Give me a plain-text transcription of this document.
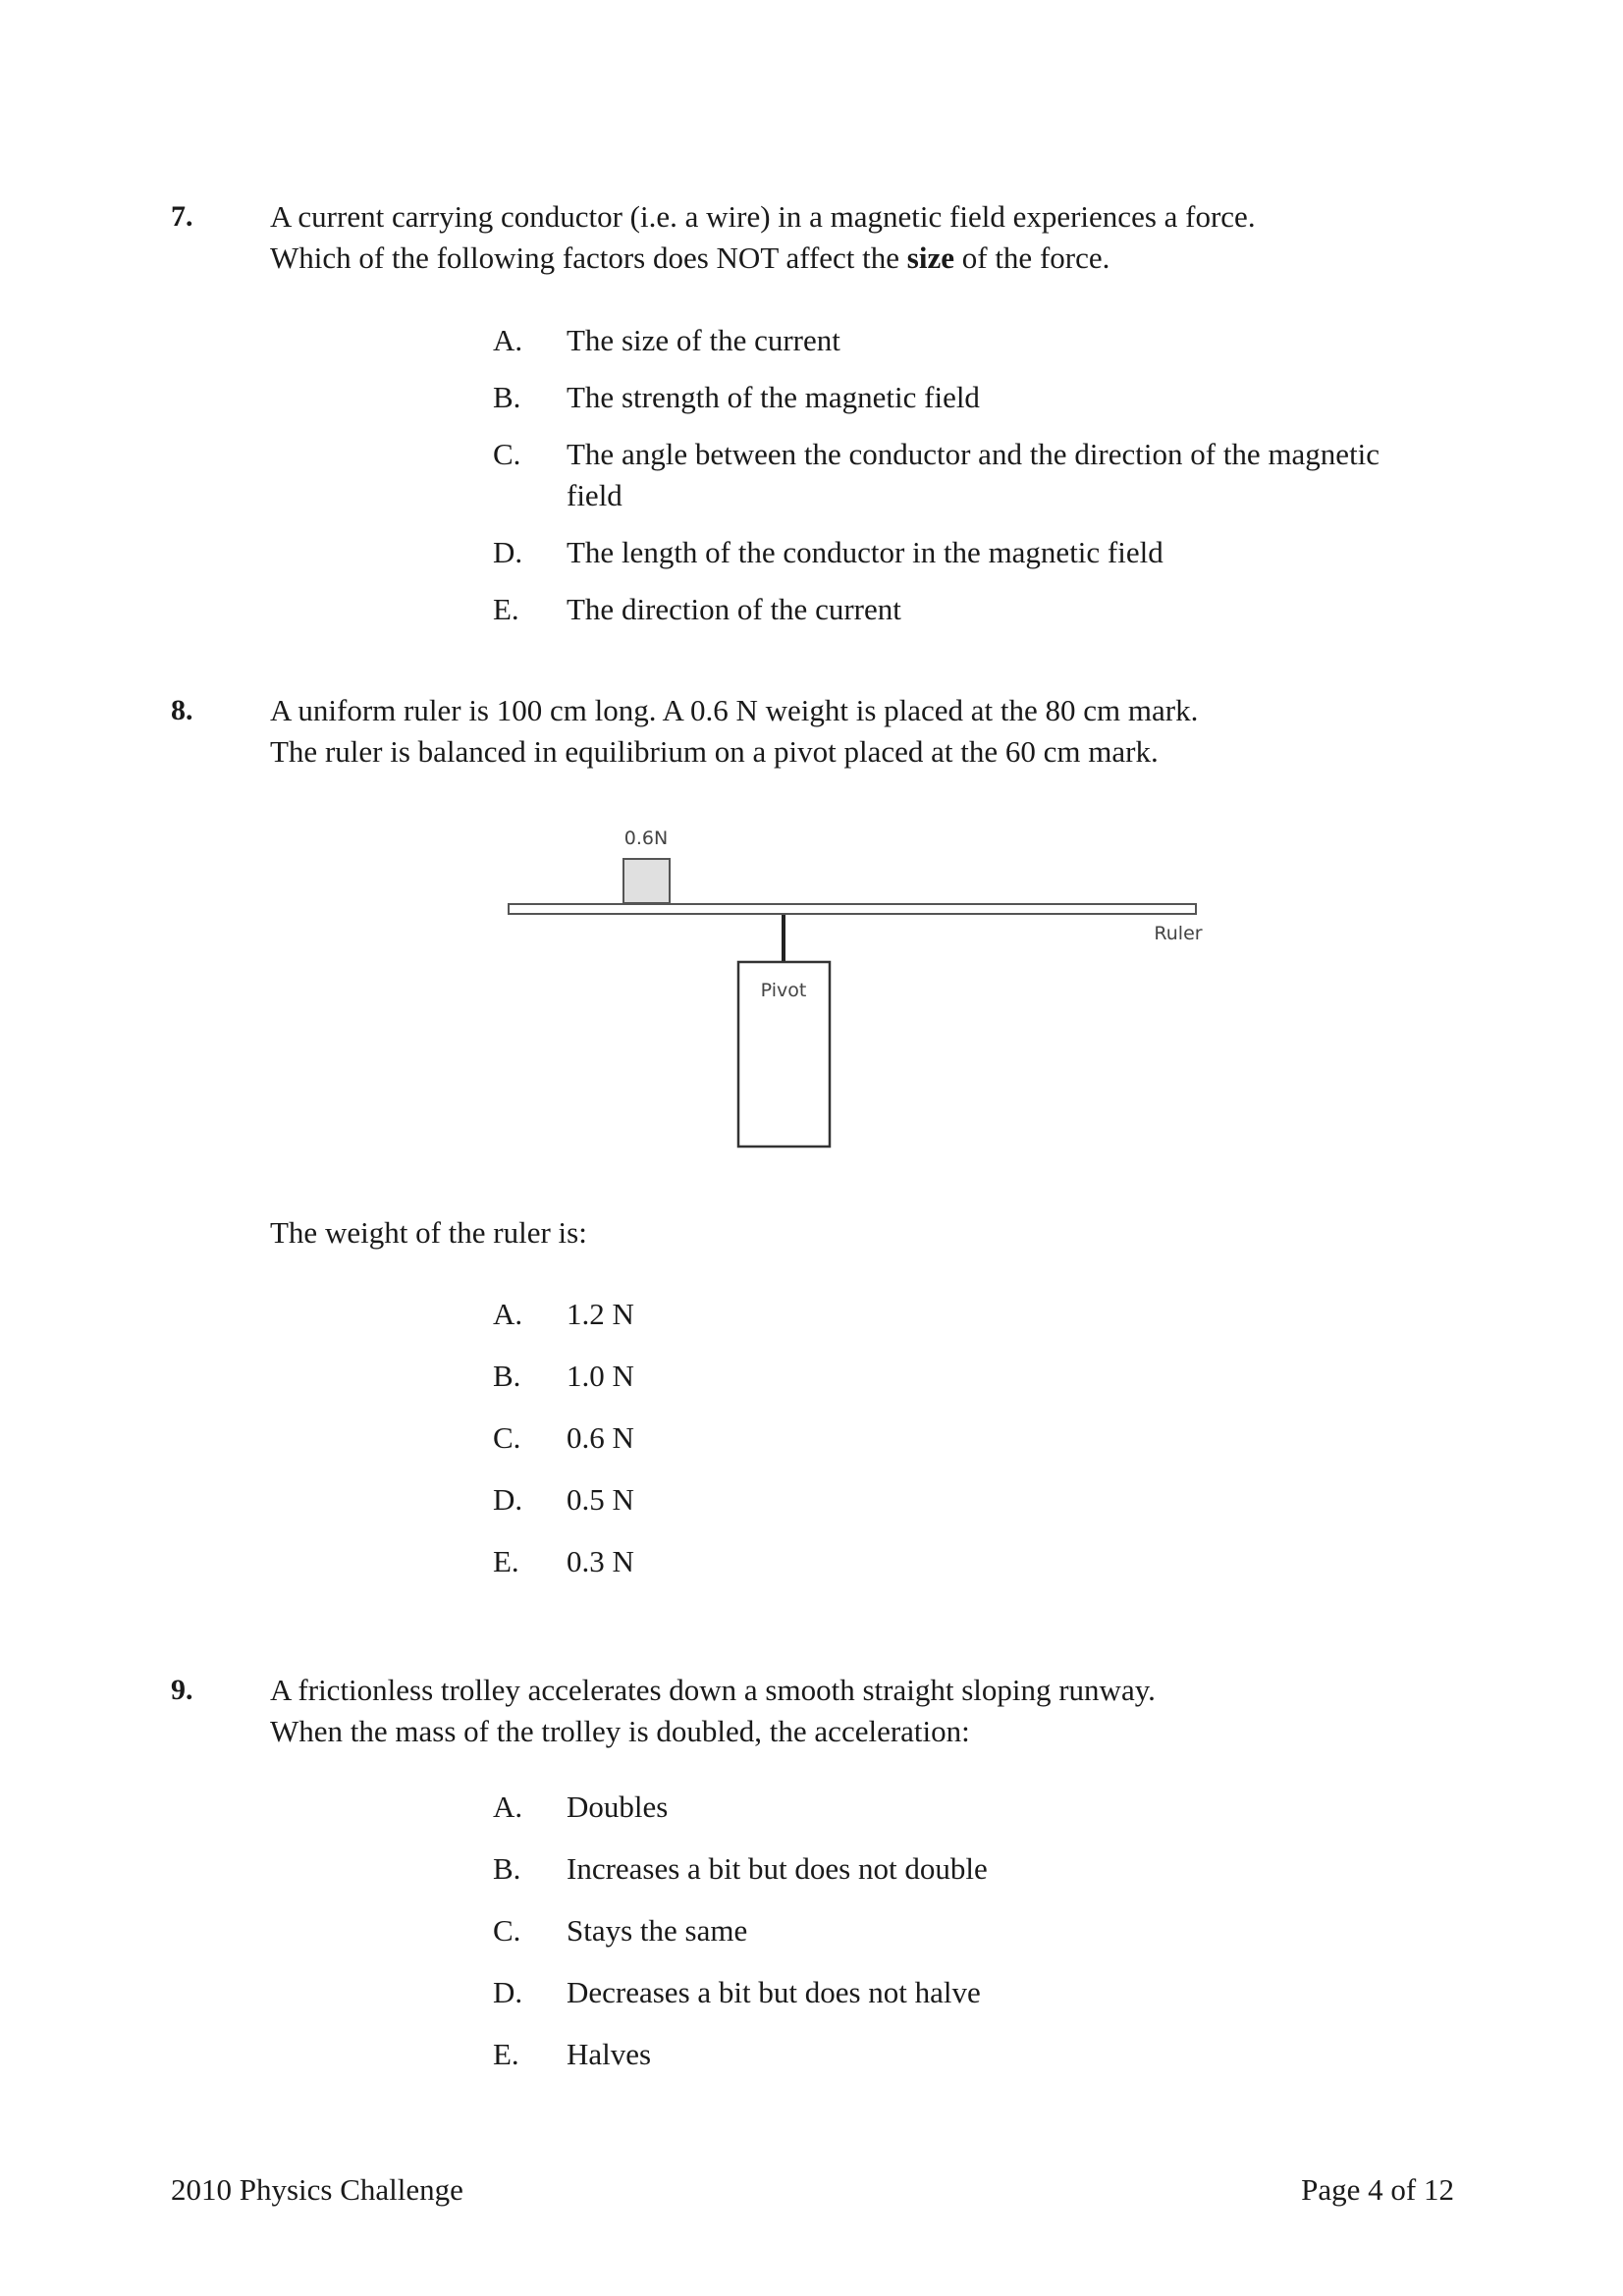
7.	A current carrying conductor (i.e. a wire) in a magnetic field experiences a force.
Which of the following factors does NOT affect the size of the force.
A. The size of the current
B. The strength of the magnetic field
C. The angle between the conductor and the direction of the magnetic field
D. The length of the conductor in the magnetic field
E. The direction of the current
8.	A uniform ruler is 100 cm long. A 0.6 N weight is placed at the 80 cm mark.
The ruler is balanced in equilibrium on a pivot placed at the 60 cm mark.
0.6N
Ruler
Pivot
The weight of the ruler is:
A. 1.2 N
B. 1.0 N
C. 0.6 N
D. 0.5 N
E. 0.3 N
9.	A frictionless trolley accelerates down a smooth straight sloping runway.
When the mass of the trolley is doubled, the acceleration:
A. Doubles
B. Increases a bit but does not double
C. Stays the same
D. Decreases a bit but does not halve
E. Halves
2010 Physics Challenge	Page 4 of 12
